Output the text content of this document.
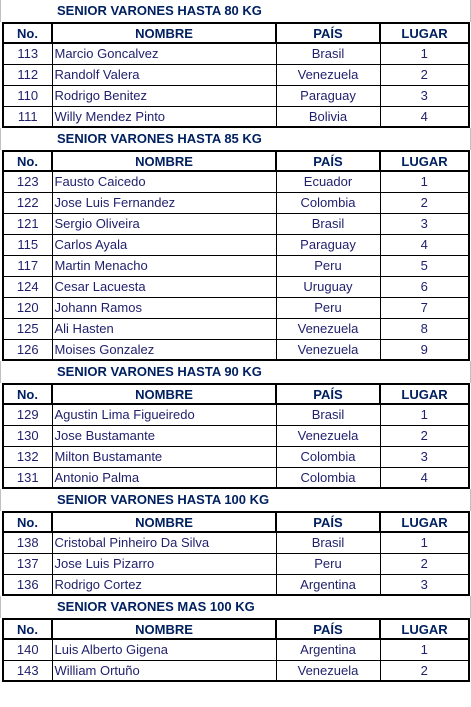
SENIOR VARONES HASTA 80 KG
No.	NOMBRE	PAÍS	LUGAR
113	Marcio Goncalvez	Brasil	1
112	Randolf Valera	Venezuela	2
110	Rodrigo Benitez	Paraguay	3
111	Willy Mendez Pinto	Bolivia	4
SENIOR VARONES HASTA 85 KG
No.	NOMBRE	PAÍS	LUGAR
123	Fausto Caicedo	Ecuador	1
122	Jose Luis Fernandez	Colombia	2
121	Sergio Oliveira	Brasil	3
115	Carlos Ayala	Paraguay	4
117	Martin Menacho	Peru	5
124	Cesar Lacuesta	Uruguay	6
120	Johann Ramos	Peru	7
125	Ali Hasten	Venezuela	8
126	Moises Gonzalez	Venezuela	9
SENIOR VARONES HASTA 90 KG
No.	NOMBRE	PAÍS	LUGAR
129	Agustin Lima Figueiredo	Brasil	1
130	Jose Bustamante	Venezuela	2
132	Milton Bustamante	Colombia	3
131	Antonio Palma	Colombia	4
SENIOR VARONES HASTA 100 KG
No.	NOMBRE	PAÍS	LUGAR
138	Cristobal Pinheiro Da Silva	Brasil	1
137	Jose Luis Pizarro	Peru	2
136	Rodrigo Cortez	Argentina	3
SENIOR VARONES MAS 100 KG
No.	NOMBRE	PAÍS	LUGAR
140	Luis Alberto Gigena	Argentina	1
143	William Ortuño	Venezuela	2
